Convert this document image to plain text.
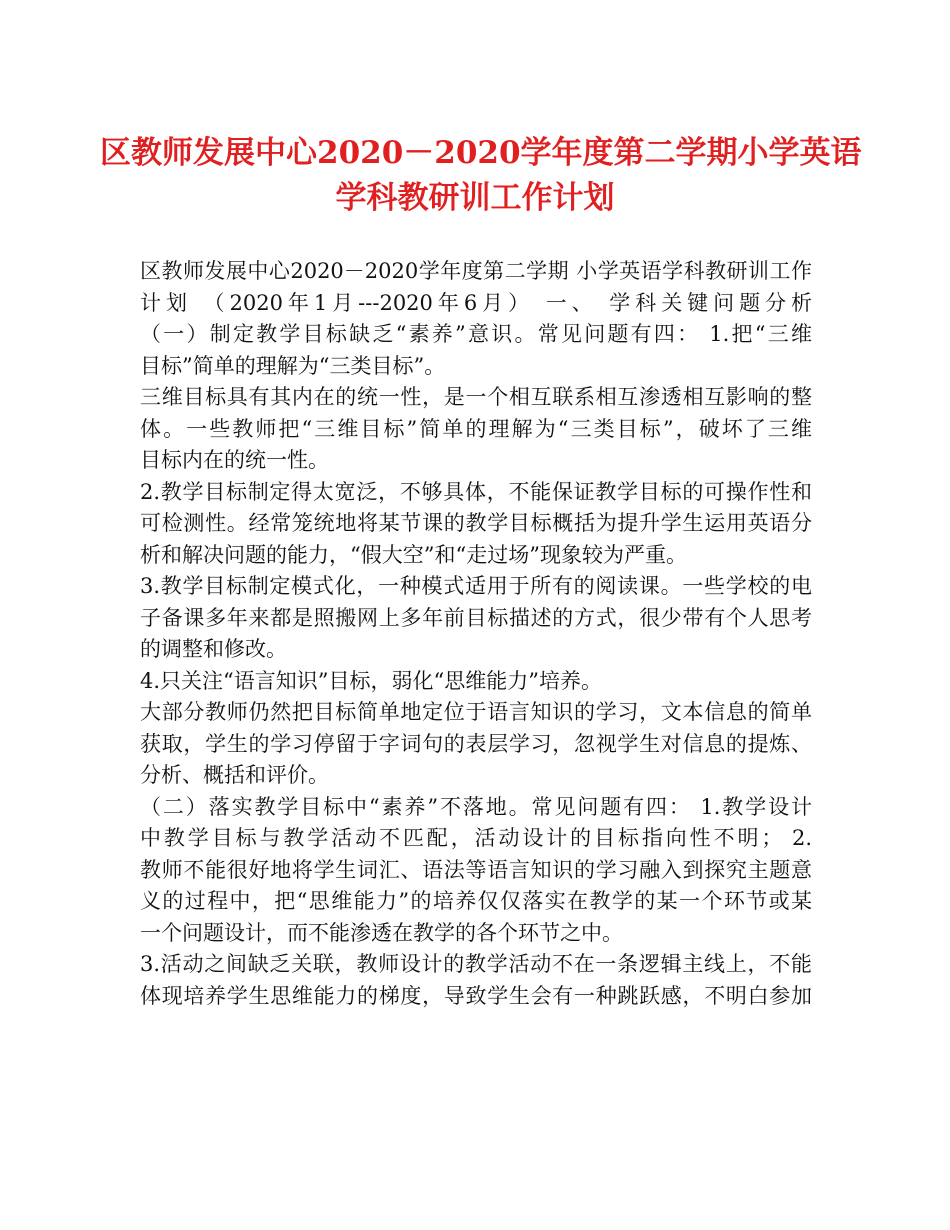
区教师发展中心2020－2020学年度第二学期小学英语
学科教研训工作计划
区教师发展中心2020－2020学年度第二学期 小学英语学科教研训工作
计划 （2020年1月---2020年6月） 一、 学科关键问题分析
（一）制定教学目标缺乏“素养”意识。常见问题有四： 1.把“三维
目标”简单的理解为“三类目标”。
三维目标具有其内在的统一性，是一个相互联系相互渗透相互影响的整
体。一些教师把“三维目标”简单的理解为“三类目标”，破坏了三维
目标内在的统一性。
2.教学目标制定得太宽泛，不够具体，不能保证教学目标的可操作性和
可检测性。经常笼统地将某节课的教学目标概括为提升学生运用英语分
析和解决问题的能力，“假大空”和“走过场”现象较为严重。
3.教学目标制定模式化，一种模式适用于所有的阅读课。一些学校的电
子备课多年来都是照搬网上多年前目标描述的方式，很少带有个人思考
的调整和修改。
4.只关注“语言知识”目标，弱化“思维能力”培养。
大部分教师仍然把目标简单地定位于语言知识的学习，文本信息的简单
获取，学生的学习停留于字词句的表层学习，忽视学生对信息的提炼、
分析、概括和评价。
（二）落实教学目标中“素养”不落地。常见问题有四： 1.教学设计
中教学目标与教学活动不匹配，活动设计的目标指向性不明； 2.
教师不能很好地将学生词汇、语法等语言知识的学习融入到探究主题意
义的过程中，把“思维能力”的培养仅仅落实在教学的某一个环节或某
一个问题设计，而不能渗透在教学的各个环节之中。
3.活动之间缺乏关联，教师设计的教学活动不在一条逻辑主线上，不能
体现培养学生思维能力的梯度，导致学生会有一种跳跃感，不明白参加
